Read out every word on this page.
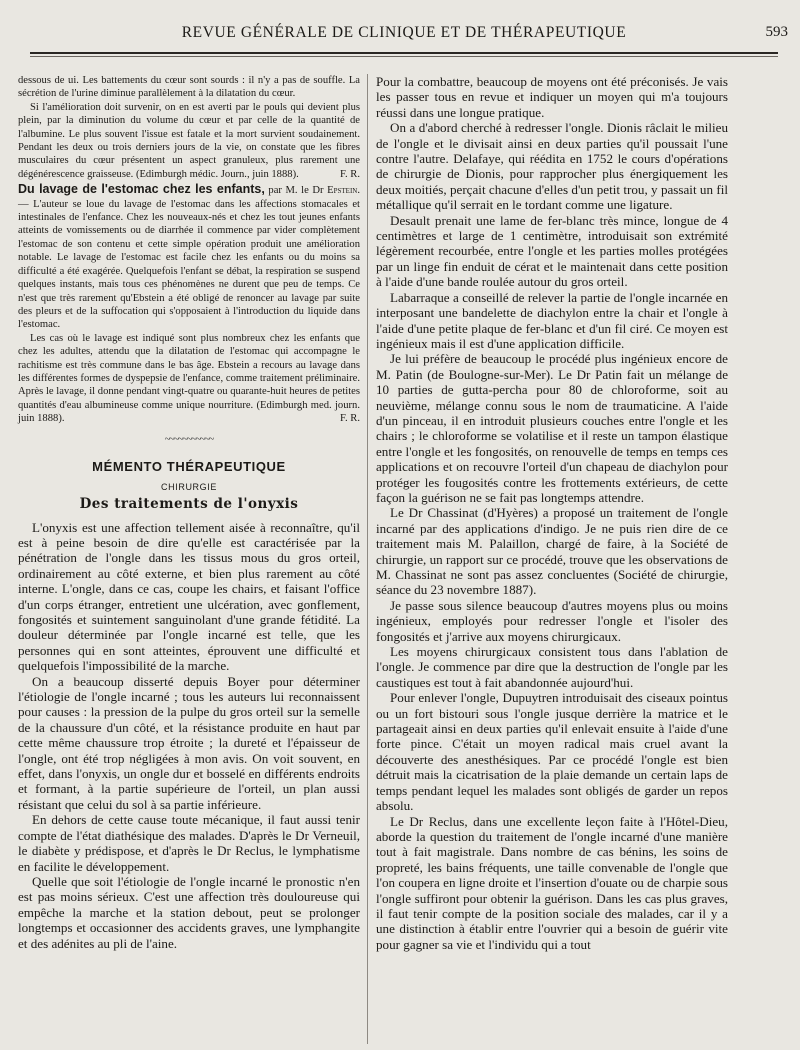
REVUE GÉNÉRALE DE CLINIQUE ET DE THÉRAPEUTIQUE	593

dessous de ui. Les battements du cœur sont sourds : il n'y a pas de souffle. La sécrétion de l'urine diminue parallèlement à la dilatation du cœur.

Si l'amélioration doit survenir, on en est averti par le pouls qui devient plus plein, par la diminution du volume du cœur et par celle de la quantité de l'albumine. Le plus souvent l'issue est fatale et la mort survient soudainement. Pendant les deux ou trois derniers jours de la vie, on constate que les fibres musculaires du cœur présentent un aspect granuleux, plus rarement une dégénérescence graisseuse. (Edimburgh médic. Journ., juin 1888).	F. R.

Du lavage de l'estomac chez les enfants, par M. le Dr Epstein. — L'auteur se loue du lavage de l'estomac dans les affections stomacales et intestinales de l'enfance. Chez les nouveaux-nés et chez les tout jeunes enfants atteints de vomissements ou de diarrhée il commence par vider complètement l'estomac de son contenu et cette simple opération produit une amélioration notable. Le lavage de l'estomac est facile chez les enfants ou du moins sa difficulté a été exagérée. Quelquefois l'enfant se débat, la respiration se suspend quelques instants, mais tous ces phénomènes ne durent que peu de temps. Ce n'est que très rarement qu'Ebstein a été obligé de renoncer au lavage par suite des pleurs et de la suffocation qui s'opposaient à l'introduction du liquide dans l'estomac.

Les cas où le lavage est indiqué sont plus nombreux chez les enfants que chez les adultes, attendu que la dilatation de l'estomac qui accompagne le rachitisme est très commune dans le bas âge. Ebstein a recours au lavage dans les différentes formes de dyspepsie de l'enfance, comme traitement préliminaire. Après le lavage, il donne pendant vingt-quatre ou quarante-huit heures de petites quantités d'eau albumineuse comme unique nourriture. (Edimburgh med. journ. juin 1888).	F. R.

~~~~~~~~~~~
MÉMENTO THÉRAPEUTIQUE
CHIRURGIE
Des traitements de l'onyxis

L'onyxis est une affection tellement aisée à reconnaître, qu'il est à peine besoin de dire qu'elle est caractérisée par la pénétration de l'ongle dans les tissus mous du gros orteil, ordinairement au côté externe, et bien plus rarement au côté interne. L'ongle, dans ce cas, coupe les chairs, et faisant l'office d'un corps étranger, entretient une ulcération, avec gonflement, fongosités et suintement sanguinolant d'une grande fétidité. La douleur déterminée par l'ongle incarné est telle, que les personnes qui en sont atteintes, éprouvent une difficulté et quelquefois l'impossibilité de la marche.

On a beaucoup disserté depuis Boyer pour déterminer l'étiologie de l'ongle incarné ; tous les auteurs lui reconnaissent pour causes : la pression de la pulpe du gros orteil sur la semelle de la chaussure d'un côté, et la résistance produite en haut par cette même chaussure trop étroite ; la dureté et l'épaisseur de l'ongle, ont été trop négligées à mon avis. On voit souvent, en effet, dans l'onyxis, un ongle dur et bosselé en différents endroits et formant, à la partie supérieure de l'orteil, un plan aussi résistant que celui du sol à sa partie inférieure.

En dehors de cette cause toute mécanique, il faut aussi tenir compte de l'état diathésique des malades. D'après le Dr Verneuil, le diabète y prédispose, et d'après le Dr Reclus, le lymphatisme en facilite le développement.

Quelle que soit l'étiologie de l'ongle incarné le pronostic n'en est pas moins sérieux. C'est une affection très douloureuse qui empêche la marche et la station debout, peut se prolonger longtemps et occasionner des accidents graves, une lymphangite et des adénites au pli de l'aine.

Pour la combattre, beaucoup de moyens ont été préconisés. Je vais les passer tous en revue et indiquer un moyen qui m'a toujours réussi dans une longue pratique.

On a d'abord cherché à redresser l'ongle. Dionis râclait le milieu de l'ongle et le divisait ainsi en deux parties qu'il poussait l'une contre l'autre. Delafaye, qui réédita en 1752 le cours d'opérations de chirurgie de Dionis, pour rapprocher plus énergiquement les deux moitiés, perçait chacune d'elles d'un petit trou, y passait un fil métallique qu'il serrait en le tordant comme une ligature.

Desault prenait une lame de fer-blanc très mince, longue de 4 centimètres et large de 1 centimètre, introduisait son extrémité légèrement recourbée, entre l'ongle et les parties molles protégées par un linge fin enduit de cérat et le maintenait dans cette position à l'aide d'une bande roulée autour du gros orteil.

Labarraque a conseillé de relever la partie de l'ongle incarnée en interposant une bandelette de diachylon entre la chair et l'ongle à l'aide d'une petite plaque de fer-blanc et d'un fil ciré. Ce moyen est ingénieux mais il est d'une application difficile.

Je lui préfère de beaucoup le procédé plus ingénieux encore de M. Patin (de Boulogne-sur-Mer). Le Dr Patin fait un mélange de 10 parties de gutta-percha pour 80 de chloroforme, soit au neuvième, mélange connu sous le nom de traumaticine. A l'aide d'un pinceau, il en introduit plusieurs couches entre l'ongle et les chairs ; le chloroforme se volatilise et il reste un tampon élastique entre l'ongle et les fongosités, on renouvelle de temps en temps ces applications et on recouvre l'orteil d'un chapeau de diachylon pour protéger les fougosités contre les frottements extérieurs, de cette façon la guérison ne se fait pas longtemps attendre.

Le Dr Chassinat (d'Hyères) a proposé un traitement de l'ongle incarné par des applications d'indigo. Je ne puis rien dire de ce traitement mais M. Palaillon, chargé de faire, à la Société de chirurgie, un rapport sur ce procédé, trouve que les observations de M. Chassinat ne sont pas assez concluentes (Société de chirurgie, séance du 23 novembre 1887).

Je passe sous silence beaucoup d'autres moyens plus ou moins ingénieux, employés pour redresser l'ongle et l'isoler des fongosités et j'arrive aux moyens chirurgicaux.

Les moyens chirurgicaux consistent tous dans l'ablation de l'ongle. Je commence par dire que la destruction de l'ongle par les caustiques est tout à fait abandonnée aujourd'hui.

Pour enlever l'ongle, Dupuytren introduisait des ciseaux pointus ou un fort bistouri sous l'ongle jusque derrière la matrice et le partageait ainsi en deux parties qu'il enlevait ensuite à l'aide d'une forte pince. C'était un moyen radical mais cruel avant la découverte des anesthésiques. Par ce procédé l'ongle est bien détruit mais la cicatrisation de la plaie demande un certain laps de temps pendant lequel les malades sont obligés de garder un repos absolu.

Le Dr Reclus, dans une excellente leçon faite à l'Hôtel-Dieu, aborde la question du traitement de l'ongle incarné d'une manière tout à fait magistrale. Dans nombre de cas bénins, les soins de propreté, les bains fréquents, une taille convenable de l'ongle que l'on coupera en ligne droite et l'insertion d'ouate ou de charpie sous l'ongle suffiront pour obtenir la guérison. Dans les cas plus graves, il faut tenir compte de la position sociale des malades, car il y a une distinction à établir entre l'ouvrier qui a besoin de guérir vite pour gagner sa vie et l'individu qui a tout
